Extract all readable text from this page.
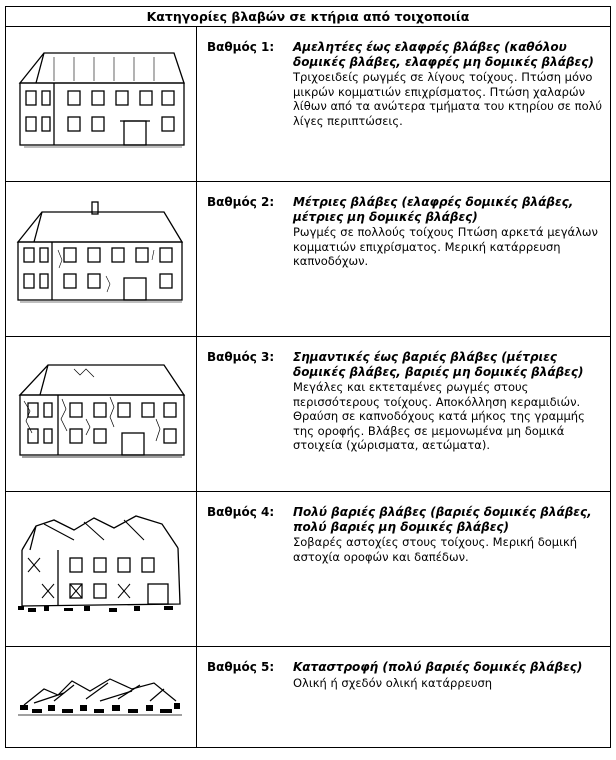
Κατηγορίες βλαβών σε κτήρια από τοιχοποιία	

Βαθμός 1: Αμελητέες έως ελαφρές βλάβες (καθόλου δομικές βλάβες, ελαφρές μη δομικές βλάβες)
Τριχοειδείς ρωγμές σε λίγους τοίχους. Πτώση μόνο μικρών κομματιών επιχρίσματος. Πτώση χαλαρών λίθων από τα ανώτερα τμήματα του κτηρίου σε πολύ λίγες περιπτώσεις.

Βαθμός 2: Μέτριες βλάβες (ελαφρές δομικές βλάβες, μέτριες μη δομικές βλάβες)
Ρωγμές σε πολλούς τοίχους Πτώση αρκετά μεγάλων κομματιών επιχρίσματος. Μερική κατάρρευση καπνοδόχων.

Βαθμός 3: Σημαντικές έως βαριές βλάβες (μέτριες δομικές βλάβες, βαριές μη δομικές βλάβες)
Μεγάλες και εκτεταμένες ρωγμές στους περισσότερους τοίχους. Αποκόλληση κεραμιδιών. Θραύση σε καπνοδόχους κατά μήκος της γραμμής της οροφής. Βλάβες σε μεμονωμένα μη δομικά στοιχεία (χώρισματα, αετώματα).

Βαθμός 4: Πολύ βαριές βλάβες (βαριές δομικές βλάβες, πολύ βαριές μη δομικές βλάβες)
Σοβαρές αστοχίες στους τοίχους. Μερική δομική αστοχία οροφών και δαπέδων.

Βαθμός 5: Καταστροφή (πολύ βαριές δομικές βλάβες)
Ολική ή σχεδόν ολική κατάρρευση
